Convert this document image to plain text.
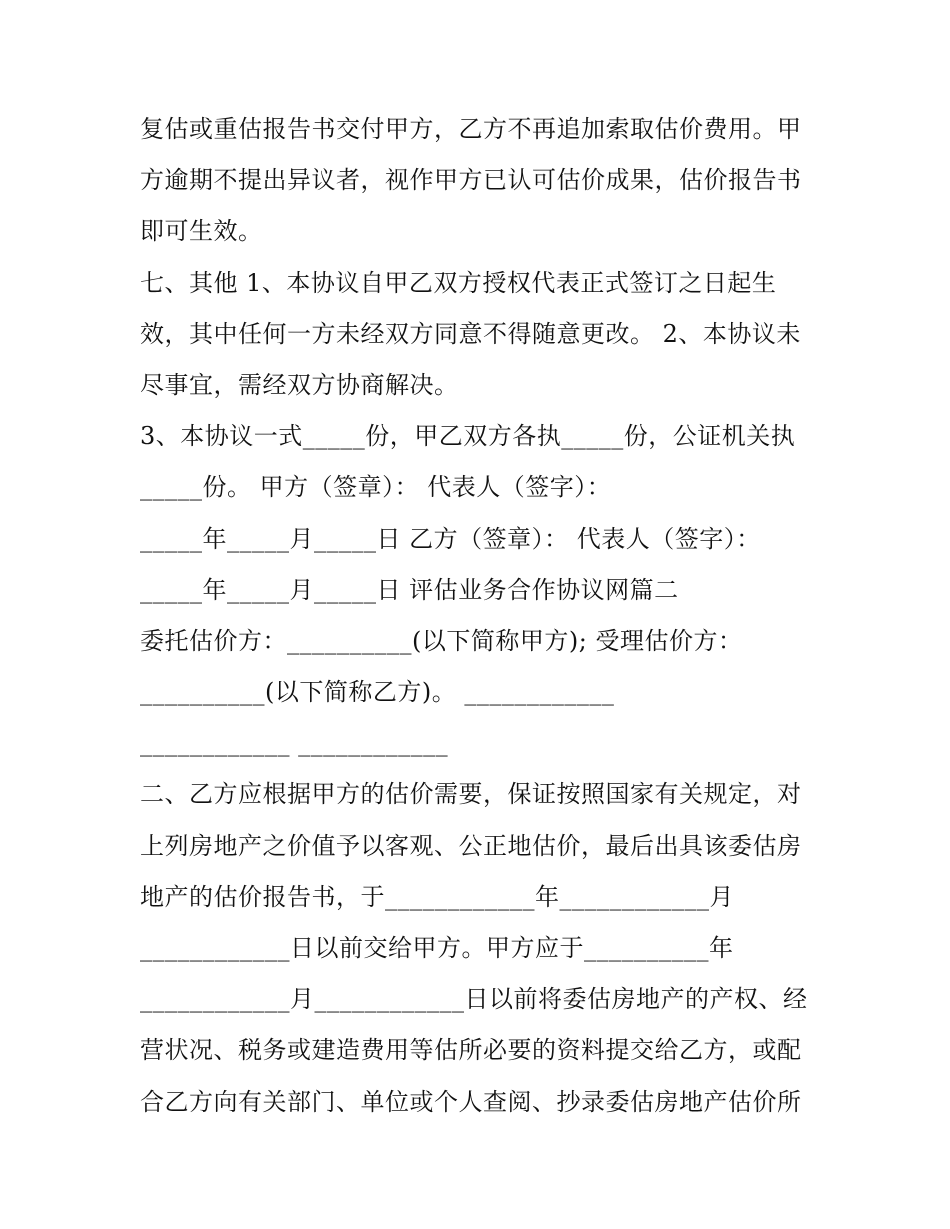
复估或重估报告书交付甲方，乙方不再追加索取估价费用。甲
方逾期不提出异议者，视作甲方已认可估价成果，估价报告书
即可生效。
七、其他 1、本协议自甲乙双方授权代表正式签订之日起生
效，其中任何一方未经双方同意不得随意更改。 2、本协议未
尽事宜，需经双方协商解决。
3、本协议一式_____份，甲乙双方各执_____份，公证机关执
_____份。 甲方（签章）： 代表人（签字）：
_____年_____月_____日 乙方（签章）： 代表人（签字）：
_____年_____月_____日 评估业务合作协议网篇二
委托估价方：__________(以下简称甲方); 受理估价方：
__________(以下简称乙方)。 ____________
____________ ____________
二、乙方应根据甲方的估价需要，保证按照国家有关规定，对
上列房地产之价值予以客观、公正地估价，最后出具该委估房
地产的估价报告书，于____________年____________月
____________日以前交给甲方。甲方应于__________年
____________月____________日以前将委估房地产的产权、经
营状况、税务或建造费用等估所必要的资料提交给乙方，或配
合乙方向有关部门、单位或个人查阅、抄录委估房地产估价所
